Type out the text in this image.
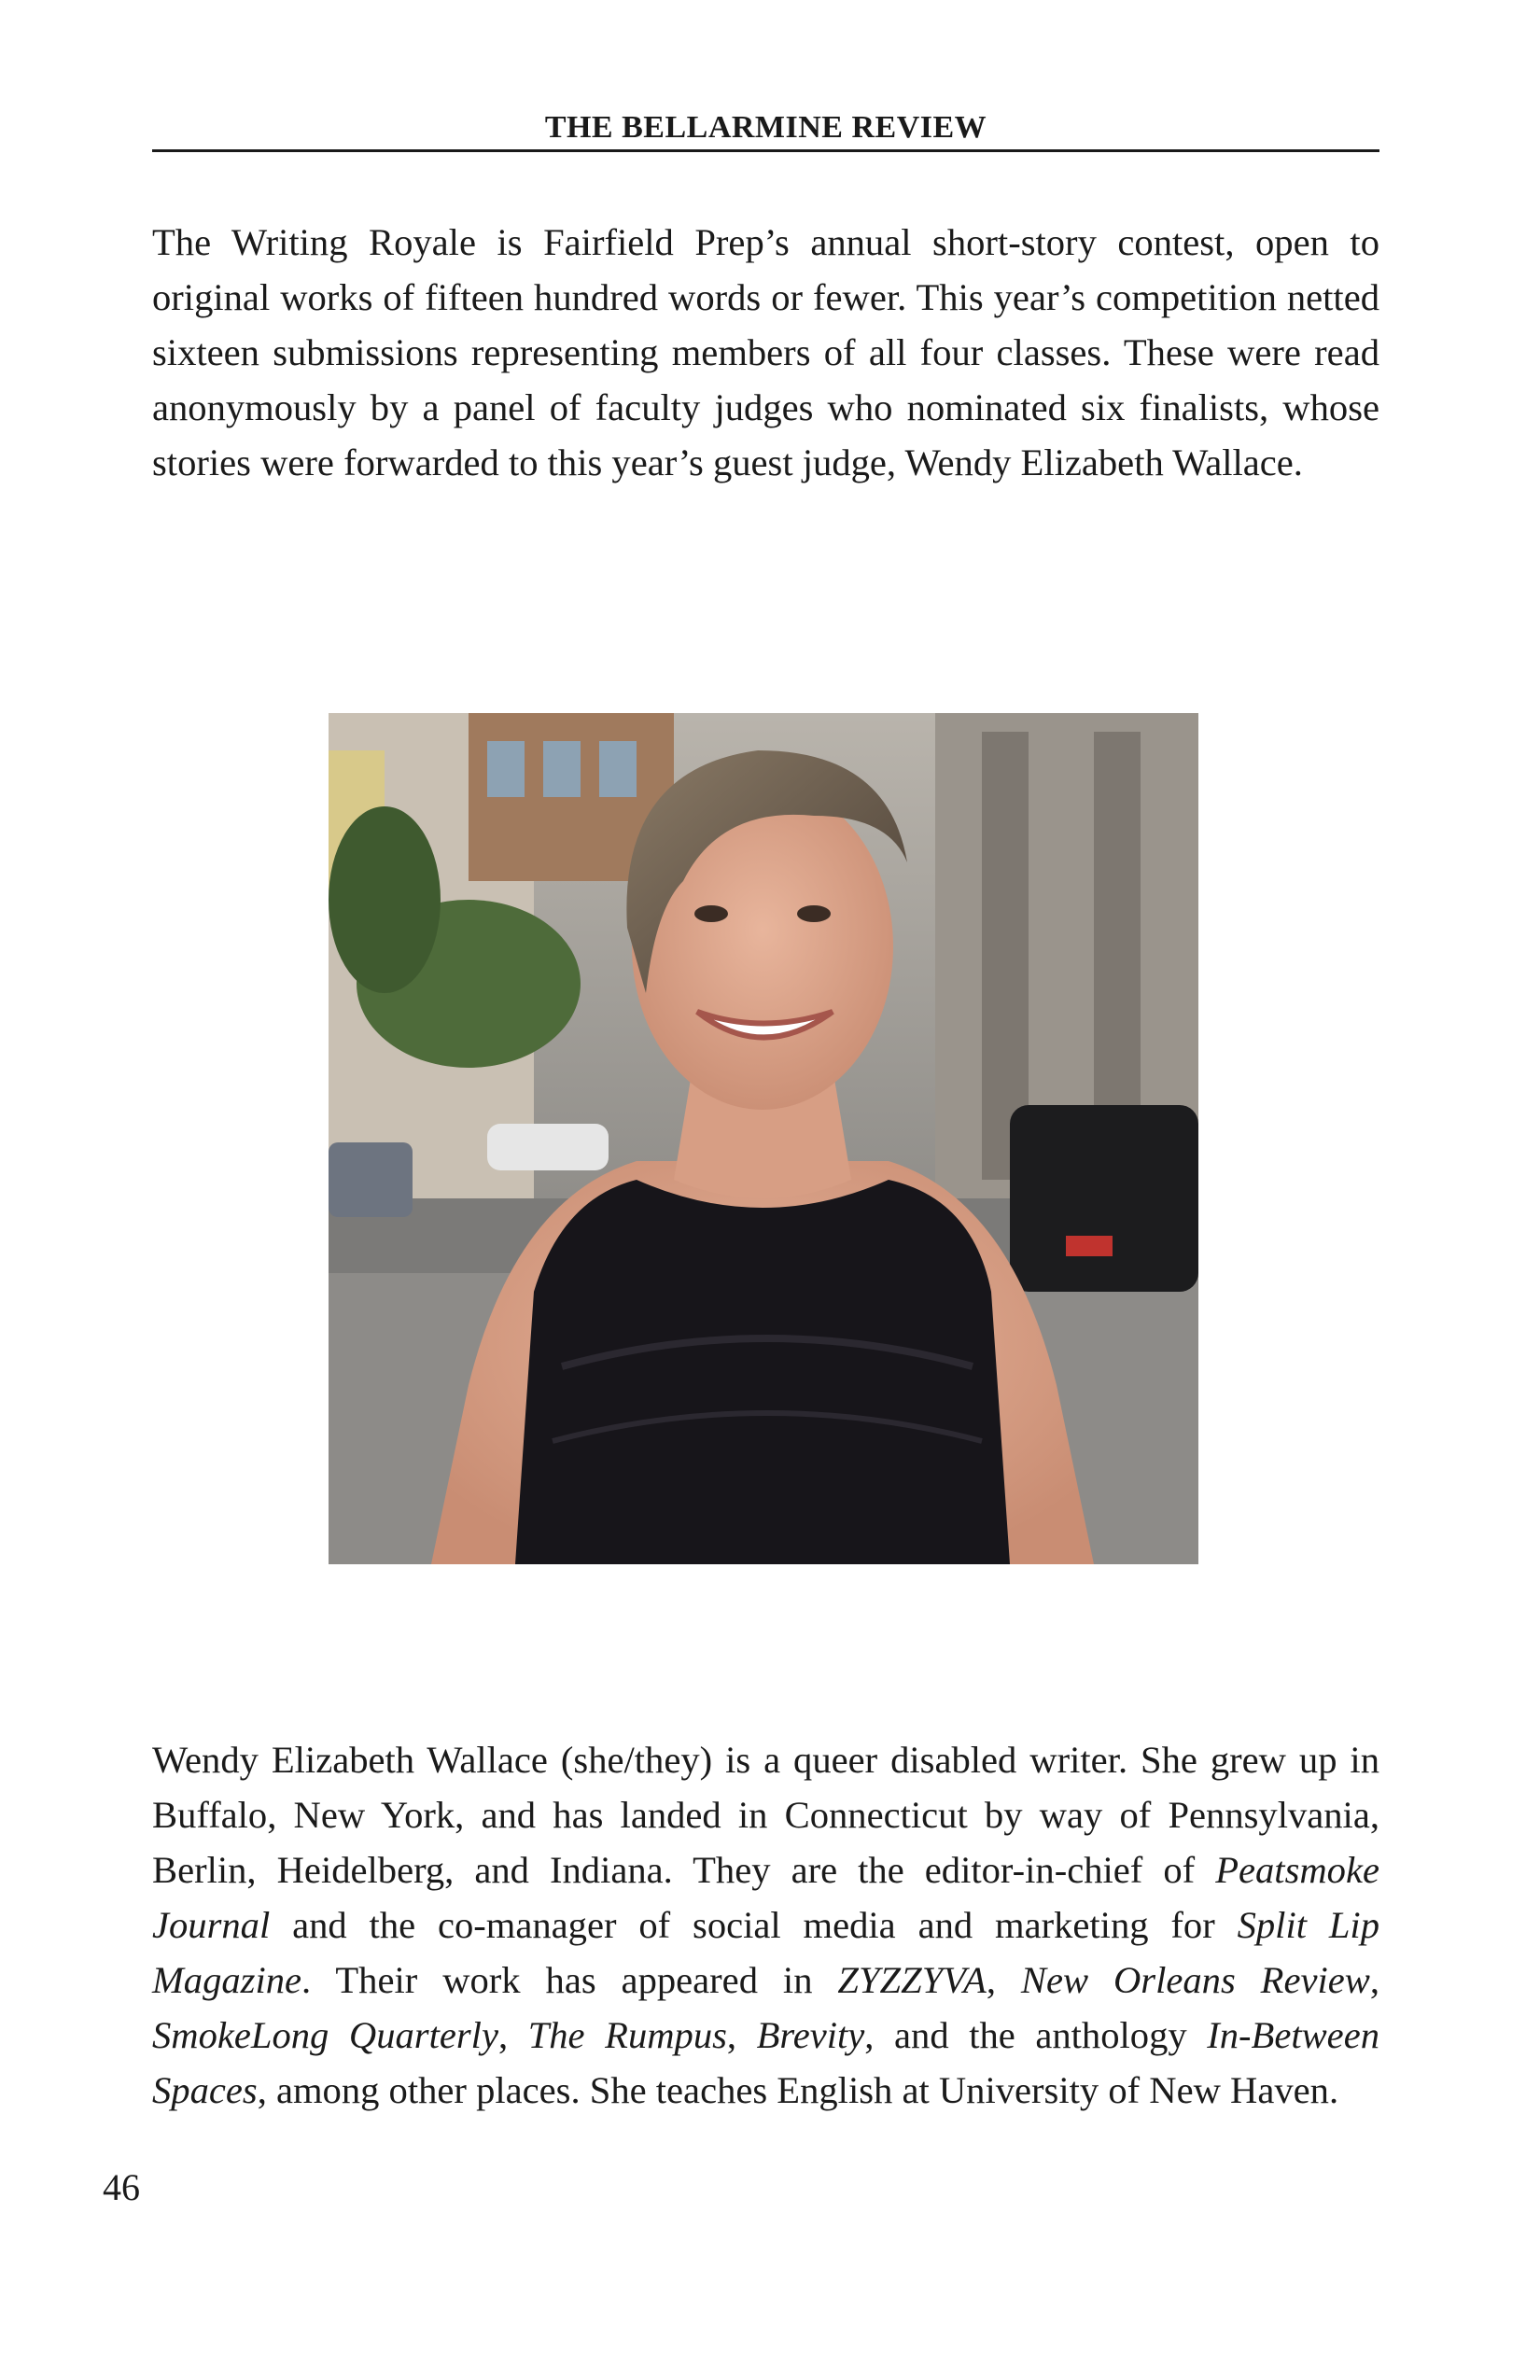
THE BELLARMINE REVIEW

The Writing Royale is Fairfield Prep’s annual short-story contest, open to original works of fifteen hundred words or fewer. This year’s competition netted sixteen submissions representing members of all four classes. These were read anonymously by a panel of faculty judges who nominated six finalists, whose stories were forwarded to this year’s guest judge, Wendy Elizabeth Wallace.

Wendy Elizabeth Wallace (she/they) is a queer disabled writer. She grew up in Buffalo, New York, and has landed in Connecticut by way of Pennsylvania, Berlin, Heidelberg, and Indiana. They are the editor-in-chief of Peatsmoke Journal and the co-manager of social media and marketing for Split Lip Magazine. Their work has appeared in ZYZZYVA, New Orleans Review, SmokeLong Quarterly, The Rumpus, Brevity, and the anthology In-Between Spaces, among other places. She teaches English at University of New Haven.

46
